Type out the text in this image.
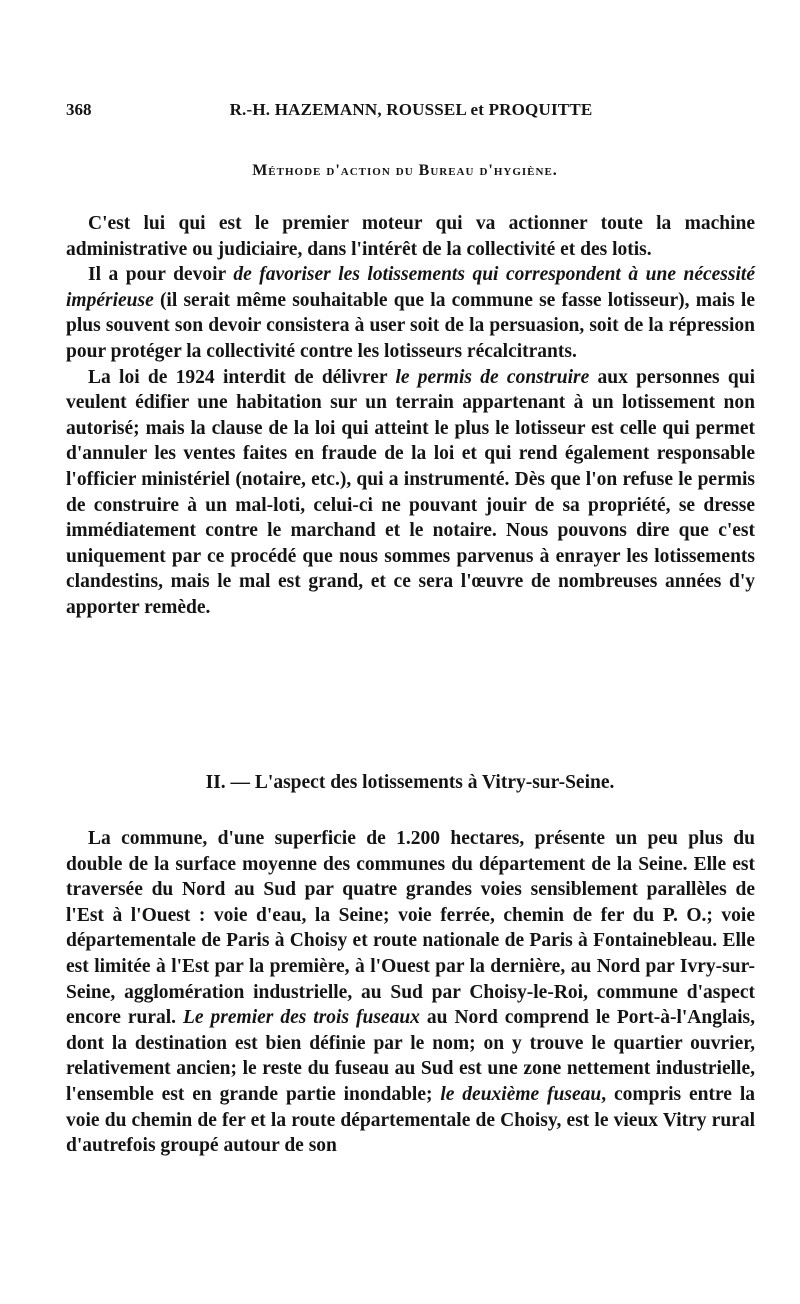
368	R.-H. HAZEMANN, ROUSSEL et PROQUITTE
Méthode d'action du Bureau d'hygiène.

C'est lui qui est le premier moteur qui va actionner toute la machine administrative ou judiciaire, dans l'intérêt de la collectivité et des lotis.

Il a pour devoir de favoriser les lotissements qui correspondent à une nécessité impérieuse (il serait même souhaitable que la commune se fasse lotisseur), mais le plus souvent son devoir consistera à user soit de la persuasion, soit de la répression pour protéger la collectivité contre les lotisseurs récalcitrants.

La loi de 1924 interdit de délivrer le permis de construire aux personnes qui veulent édifier une habitation sur un terrain appartenant à un lotissement non autorisé; mais la clause de la loi qui atteint le plus le lotisseur est celle qui permet d'annuler les ventes faites en fraude de la loi et qui rend également responsable l'officier ministériel (notaire, etc.), qui a instrumenté. Dès que l'on refuse le permis de construire à un mal-loti, celui-ci ne pouvant jouir de sa propriété, se dresse immédiatement contre le marchand et le notaire. Nous pouvons dire que c'est uniquement par ce procédé que nous sommes parvenus à enrayer les lotissements clandestins, mais le mal est grand, et ce sera l'œuvre de nombreuses années d'y apporter remède.

II. — L'aspect des lotissements à Vitry-sur-Seine.

La commune, d'une superficie de 1.200 hectares, présente un peu plus du double de la surface moyenne des communes du département de la Seine. Elle est traversée du Nord au Sud par quatre grandes voies sensiblement parallèles de l'Est à l'Ouest : voie d'eau, la Seine; voie ferrée, chemin de fer du P. O.; voie départementale de Paris à Choisy et route nationale de Paris à Fontainebleau. Elle est limitée à l'Est par la première, à l'Ouest par la dernière, au Nord par Ivry-sur-Seine, agglomération industrielle, au Sud par Choisy-le-Roi, commune d'aspect encore rural. Le premier des trois fuseaux au Nord comprend le Port-à-l'Anglais, dont la destination est bien définie par le nom; on y trouve le quartier ouvrier, relativement ancien; le reste du fuseau au Sud est une zone nettement industrielle, l'ensemble est en grande partie inondable; le deuxième fuseau, compris entre la voie du chemin de fer et la route départementale de Choisy, est le vieux Vitry rural d'autrefois groupé autour de son
